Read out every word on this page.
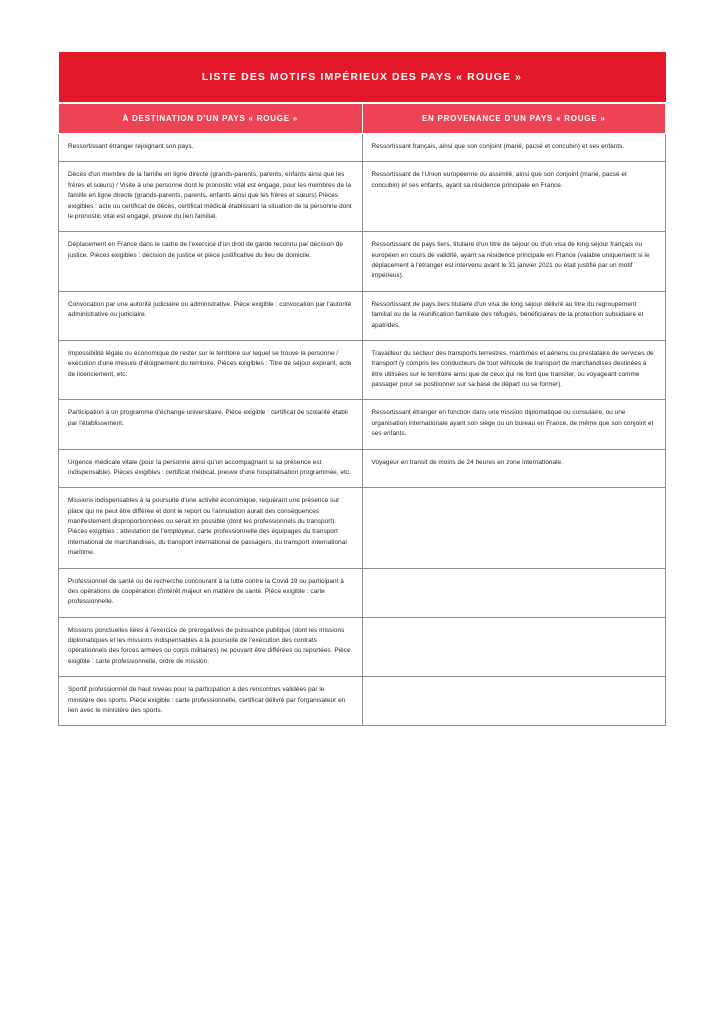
LISTE DES MOTIFS IMPÉRIEUX DES PAYS « ROUGE »	
À DESTINATION D'UN PAYS « ROUGE »	EN PROVENANCE D'UN PAYS « ROUGE »
Ressortissant étranger rejoignant son pays.	Ressortissant français, ainsi que son conjoint (marié, pacsé et concubin) et ses enfants.
Décès d'un membre de la famille en ligne directe (grands-parents, parents, enfants ainsi que les frères et sœurs) / Visite à une personne dont le pronostic vital est engagé, pour les membres de la famille en ligne directe (grands-parents, parents, enfants ainsi que les frères et sœurs) Pièces exigibles : acte ou certificat de décès, certificat médical établissant la situation de la personne dont le pronostic vital est engagé, preuve du lien familial.	Ressortissant de l'Union européenne ou assimilé, ainsi que son conjoint (marié, pacsé et concubin) et ses enfants, ayant sa résidence principale en France.
Déplacement en France dans le cadre de l'exercice d'un droit de garde reconnu par décision de justice. Pièces exigibles : décision de justice et pièce justificative du lieu de domicile.	Ressortissant de pays tiers, titulaire d'un titre de séjour ou d'un visa de long séjour français ou européen en cours de validité, ayant sa résidence principale en France (valable uniquement si le déplacement à l'étranger est intervenu avant le 31 janvier 2021 ou était justifié par un motif impérieux).
Convocation par une autorité judiciaire ou administrative. Pièce exigible : convocation par l'autorité administrative ou judiciaire.	Ressortissant de pays tiers titulaire d'un visa de long séjour délivré au titre du regroupement familial ou de la réunification familiale des réfugiés, bénéficiaires de la protection subsidiaire et apatrides.
Impossibilité légale ou économique de rester sur le territoire sur lequel se trouve la personne / exécution d'une mesure d'éloignement du territoire. Pièces exigibles : Titre de séjour expirant, acte de licenciement, etc.	Travailleur du secteur des transports terrestres, maritimes et aériens ou prestataire de services de transport (y compris les conducteurs de tout véhicule de transport de marchandises destinées à être utilisées sur le territoire ainsi que de ceux qui ne font que transiter, ou voyageant comme passager pour se positionner sur sa base de départ ou se former).
Participation à un programme d'échange universitaire. Pièce exigible : certificat de scolarité établi par l'établissement.	Ressortissant étranger en fonction dans une mission diplomatique ou consulaire, ou une organisation internationale ayant son siège ou un bureau en France, de même que son conjoint et ses enfants.
Urgence médicale vitale (pour la personne ainsi qu'un accompagnant si sa présence est indispensable). Pièces exigibles : certificat médical, preuve d'une hospitalisation programmée, etc.	Voyageur en transit de moins de 24 heures en zone internationale.
Missions indispensables à la poursuite d'une activité économique, requérant une présence sur place qui ne peut être différée et dont le report ou l'annulation aurait des conséquences manifestement disproportionnées ou serait im possible (dont les professionnels du transport). Pièces exigibles : attestation de l'employeur, carte professionnelle des équipages du transport international de marchandises, du transport international de passagers, du transport international maritime.	
Professionnel de santé ou de recherche concourant à la lutte contre la Covid 19 ou participant à des opérations de coopération d'intérêt majeur en matière de santé. Pièce exigible : carte professionnelle.	
Missions ponctuelles liées à l'exercice de prérogatives de puissance publique (dont les missions diplomatiques et les missions indispensables à la poursuite de l'exécution des contrats opérationnels des forces armées ou corps militaires) ne pouvant être différées ou reportées. Pièce exigible : carte professionnelle, ordre de mission.	
Sportif professionnel de haut niveau pour la participation à des rencontres validées par le ministère des sports. Pièce exigible : carte professionnelle, certificat délivré par l'organisateur en lien avec le ministère des sports.	
